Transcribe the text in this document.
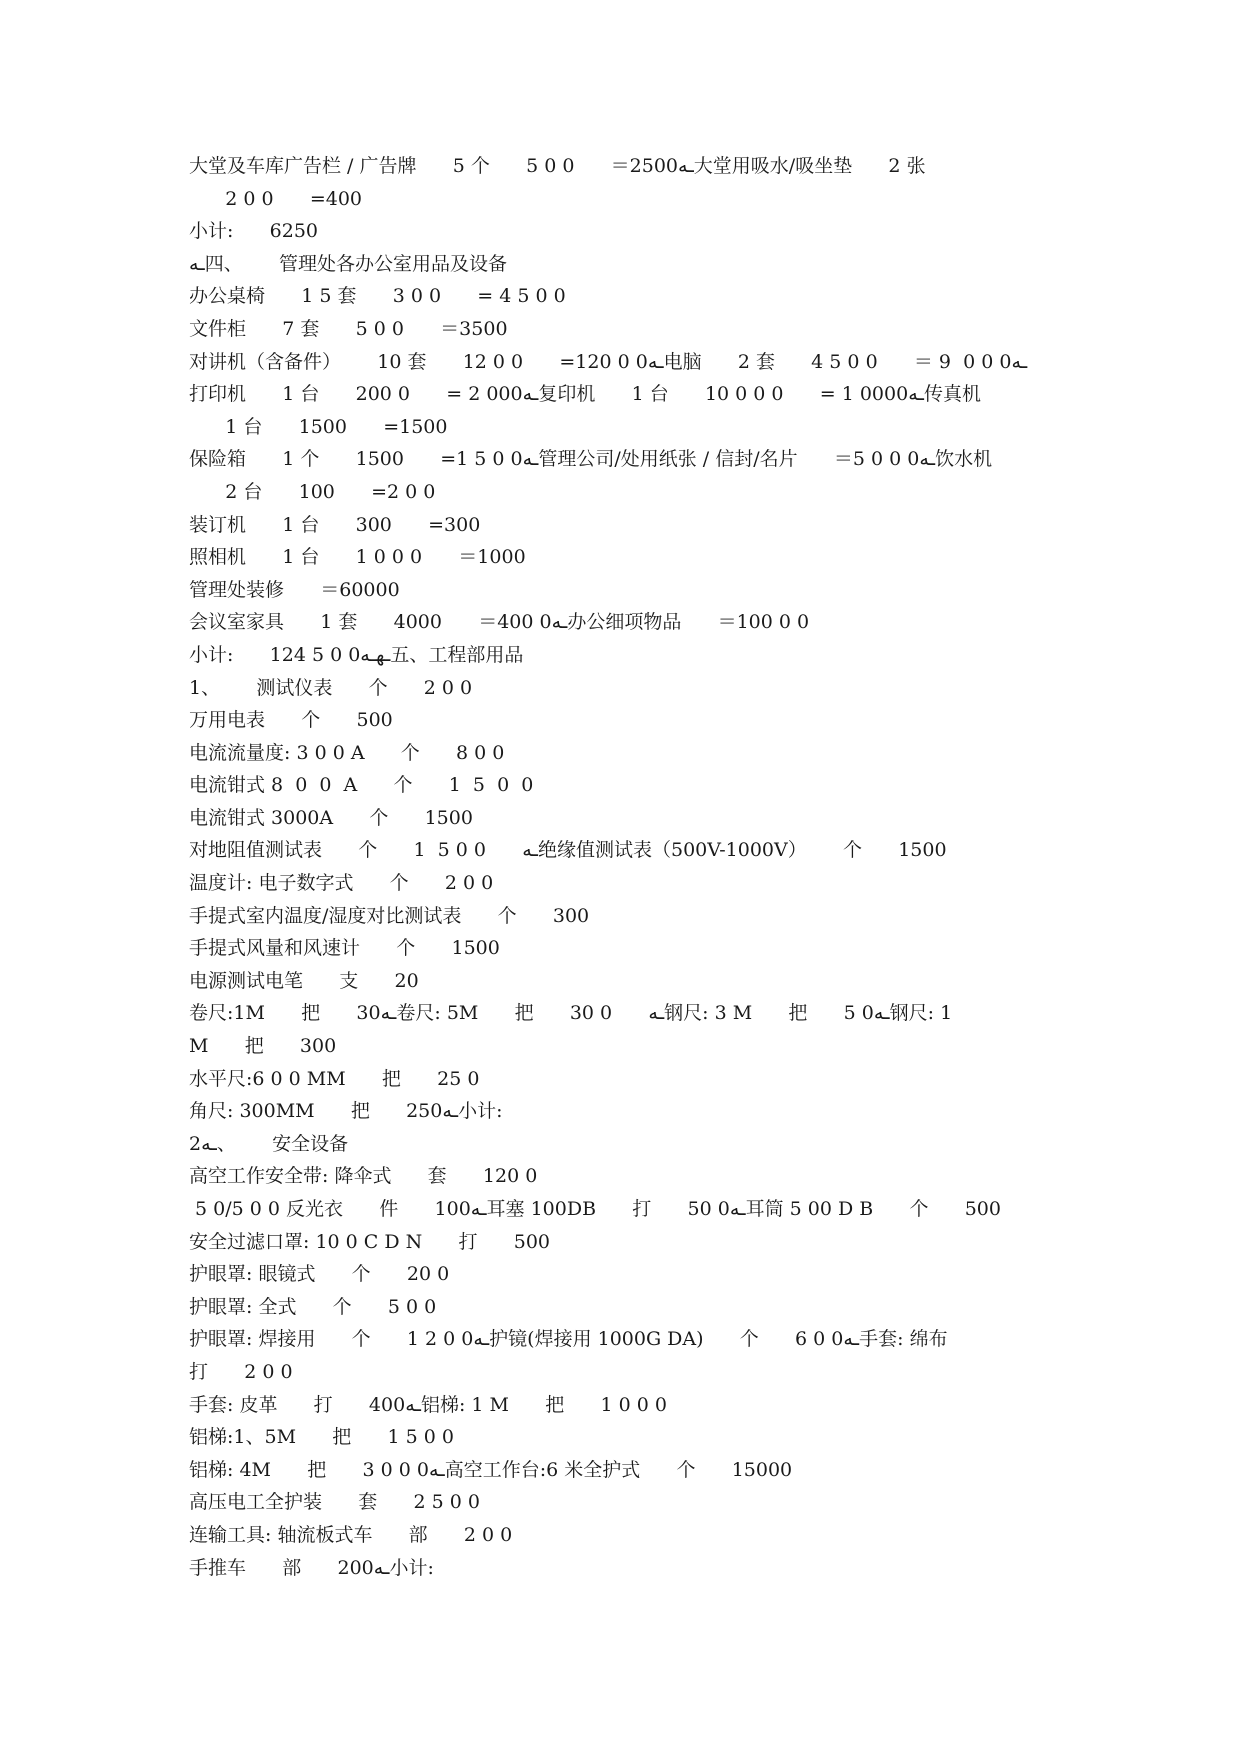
大堂及车库广告栏 / 广告牌      5 个      5 0 0      ＝2500ـه大堂用吸水/吸坐垫      2 张
2 0 0      =400
小计:      6250
ـه四、      管理处各办公室用品及设备
办公桌椅      1 5 套      3 0 0      = 4 5 0 0
文件柜      7 套      5 0 0      ＝3500
对讲机（含备件）      10 套      12 0 0      =120 0 0ـه电脑      2 套      4 5 0 0      ＝ 9  0 0 0ـه
打印机      1 台      200 0      = 2 000ـه复印机      1 台      10 0 0 0      = 1 0000ـه传真机
1 台      1500      =1500
保险箱      1 个      1500      =1 5 0 0ـه管理公司/处用纸张 / 信封/名片      ＝5 0 0 0ـه饮水机
2 台      100      =2 0 0
装订机      1 台      300      =300
照相机      1 台      1 0 0 0      ＝1000
管理处装修      ＝60000
会议室家具      1 套      4000      ＝400 0ـه办公细项物品      ＝100 0 0
小计:      124 5 0 0ـهـه五、工程部用品
1、      测试仪表      个      2 0 0
万用电表      个      500
电流流量度: 3 0 0 A      个      8 0 0
电流钳式 8  0  0  A      个      1  5  0  0
电流钳式 3000A      个      1500
对地阻值测试表      个      1  5 0 0      ـه绝缘值测试表（500V-1000V）      个      1500
温度计: 电子数字式      个      2 0 0
手提式室内温度/湿度对比测试表      个      300
手提式风量和风速计      个      1500
电源测试电笔      支      20
卷尺:1M      把      30ـه卷尺: 5M      把      30 0      ـه钢尺: 3 M      把      5 0ـه钢尺: 1
M      把      300
水平尺:6 0 0 MM      把      25 0
角尺: 300MM      把      250ـه小计:
2ـه、      安全设备
高空工作安全带: 降伞式      套      120 0
5 0/5 0 0 反光衣      件      100ـه耳塞 100DB      打      50 0ـه耳筒 5 00 D B      个      500
安全过滤口罩: 10 0 C D N      打      500
护眼罩: 眼镜式      个      20 0
护眼罩: 全式      个      5 0 0
护眼罩: 焊接用      个      1 2 0 0ـه护镜(焊接用 1000G DA)      个      6 0 0ـه手套: 绵布
打      2 0 0
手套: 皮革      打      400ـه铝梯: 1 M      把      1 0 0 0
铝梯:1、5M      把      1 5 0 0
铝梯: 4M      把      3 0 0 0ـه高空工作台:6 米全护式      个      15000
高压电工全护装      套      2 5 0 0
连输工具: 轴流板式车      部      2 0 0
手推车      部      200ـه小计:
